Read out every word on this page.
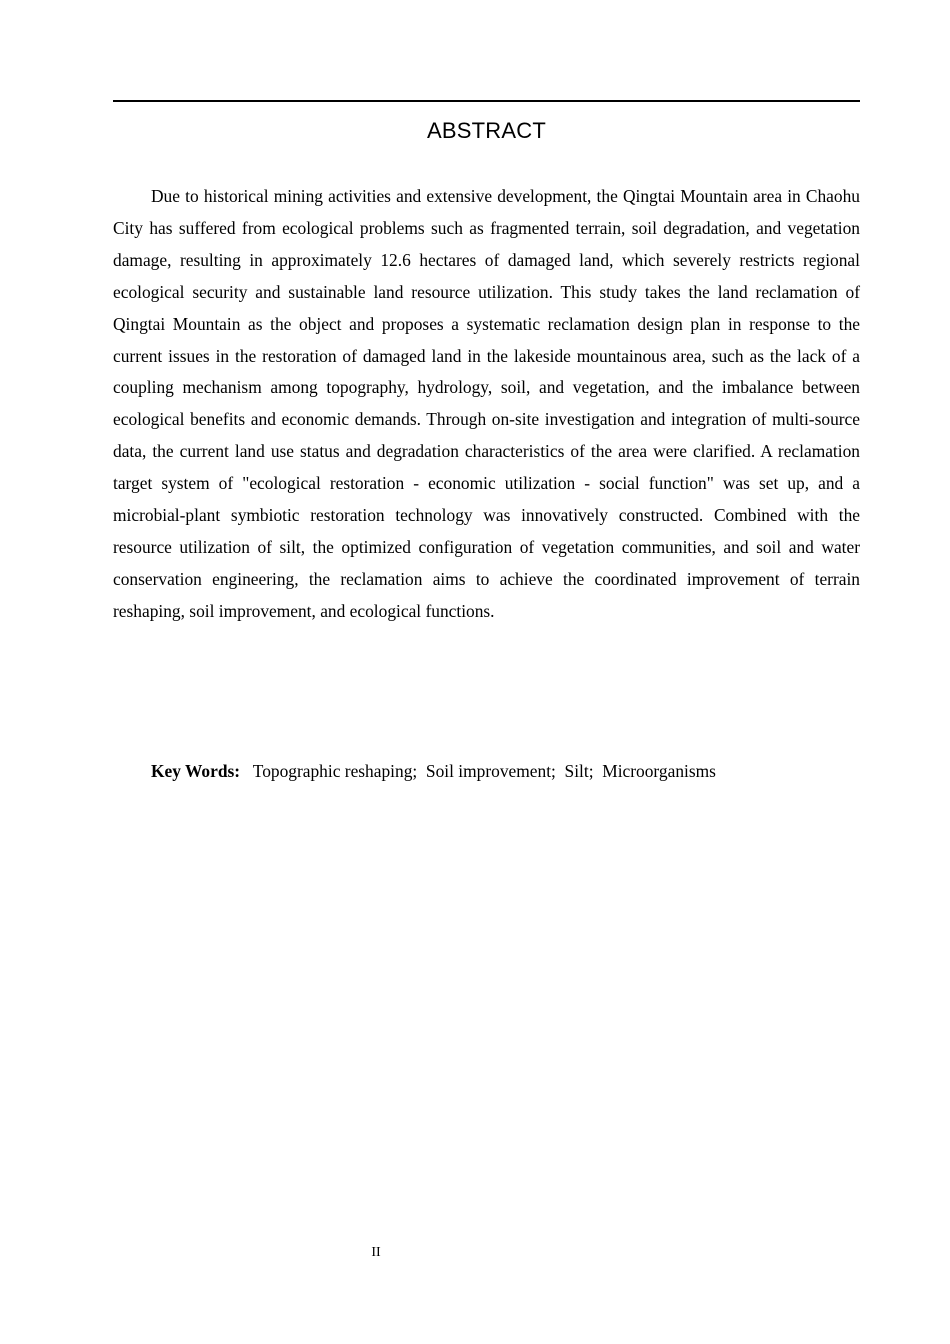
ABSTRACT

Due to historical mining activities and extensive development, the Qingtai Mountain area in Chaohu City has suffered from ecological problems such as fragmented terrain, soil degradation, and vegetation damage, resulting in approximately 12.6 hectares of damaged land, which severely restricts regional ecological security and sustainable land resource utilization. This study takes the land reclamation of Qingtai Mountain as the object and proposes a systematic reclamation design plan in response to the current issues in the restoration of damaged land in the lakeside mountainous area, such as the lack of a coupling mechanism among topography, hydrology, soil, and vegetation, and the imbalance between ecological benefits and economic demands. Through on-site investigation and integration of multi-source data, the current land use status and degradation characteristics of the area were clarified. A reclamation target system of "ecological restoration - economic utilization - social function" was set up, and a microbial-plant symbiotic restoration technology was innovatively constructed. Combined with the resource utilization of silt, the optimized configuration of vegetation communities, and soil and water conservation engineering, the reclamation aims to achieve the coordinated improvement of terrain reshaping, soil improvement, and ecological functions.

Key Words:   Topographic reshaping;  Soil improvement;  Silt;  Microorganisms
II
